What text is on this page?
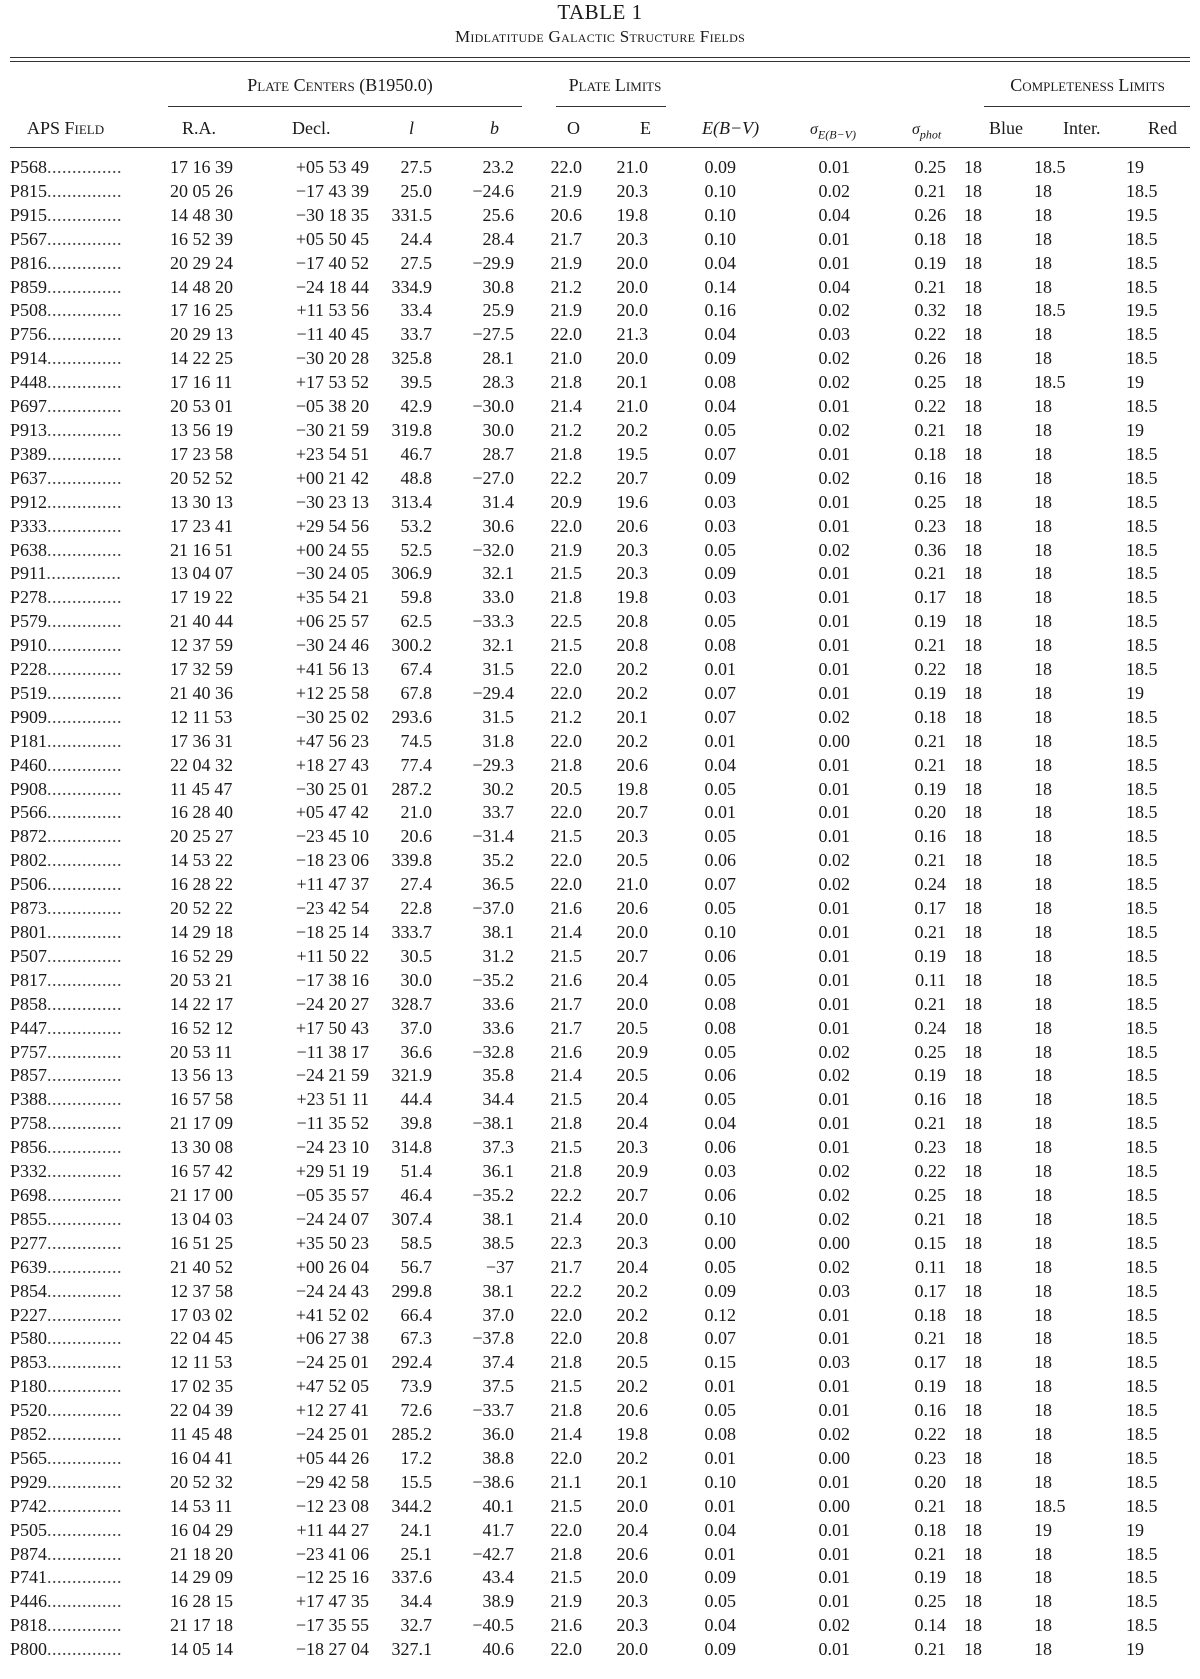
TABLE 1
Midlatitude Galactic Structure Fields
Plate Centers (B1950.0)	Plate Limits	Completeness Limits
APS Field	R.A.	Decl.	l	b	O	E	E(B−V)	$\sigma_{E(B-V)}$	$\sigma_{phot}$	Blue Inter.	Red
P568...............	17 16 39	+05 53 49	27.5	23.2	22.0	21.0	0.09	0.01	0.25	18	18.5	19
P815...............	20 05 26	−17 43 39	25.0	−24.6	21.9	20.3	0.10	0.02	0.21	18	18	18.5
P915...............	14 48 30	−30 18 35	331.5	25.6	20.6	19.8	0.10	0.04	0.26	18	18	19.5
P567...............	16 52 39	+05 50 45	24.4	28.4	21.7	20.3	0.10	0.01	0.18	18	18	18.5
P816...............	20 29 24	−17 40 52	27.5	−29.9	21.9	20.0	0.04	0.01	0.19	18	18	18.5
P859...............	14 48 20	−24 18 44	334.9	30.8	21.2	20.0	0.14	0.04	0.21	18	18	18.5
P508...............	17 16 25	+11 53 56	33.4	25.9	21.9	20.0	0.16	0.02	0.32	18	18.5	19.5
P756...............	20 29 13	−11 40 45	33.7	−27.5	22.0	21.3	0.04	0.03	0.22	18	18	18.5
P914...............	14 22 25	−30 20 28	325.8	28.1	21.0	20.0	0.09	0.02	0.26	18	18	18.5
P448...............	17 16 11	+17 53 52	39.5	28.3	21.8	20.1	0.08	0.02	0.25	18	18.5	19
P697...............	20 53 01	−05 38 20	42.9	−30.0	21.4	21.0	0.04	0.01	0.22	18	18	18.5
P913...............	13 56 19	−30 21 59	319.8	30.0	21.2	20.2	0.05	0.02	0.21	18	18	19
P389...............	17 23 58	+23 54 51	46.7	28.7	21.8	19.5	0.07	0.01	0.18	18	18	18.5
P637...............	20 52 52	+00 21 42	48.8	−27.0	22.2	20.7	0.09	0.02	0.16	18	18	18.5
P912...............	13 30 13	−30 23 13	313.4	31.4	20.9	19.6	0.03	0.01	0.25	18	18	18.5
P333...............	17 23 41	+29 54 56	53.2	30.6	22.0	20.6	0.03	0.01	0.23	18	18	18.5
P638...............	21 16 51	+00 24 55	52.5	−32.0	21.9	20.3	0.05	0.02	0.36	18	18	18.5
P911...............	13 04 07	−30 24 05	306.9	32.1	21.5	20.3	0.09	0.01	0.21	18	18	18.5
P278...............	17 19 22	+35 54 21	59.8	33.0	21.8	19.8	0.03	0.01	0.17	18	18	18.5
P579...............	21 40 44	+06 25 57	62.5	−33.3	22.5	20.8	0.05	0.01	0.19	18	18	18.5
P910...............	12 37 59	−30 24 46	300.2	32.1	21.5	20.8	0.08	0.01	0.21	18	18	18.5
P228...............	17 32 59	+41 56 13	67.4	31.5	22.0	20.2	0.01	0.01	0.22	18	18	18.5
P519...............	21 40 36	+12 25 58	67.8	−29.4	22.0	20.2	0.07	0.01	0.19	18	18	19
P909...............	12 11 53	−30 25 02	293.6	31.5	21.2	20.1	0.07	0.02	0.18	18	18	18.5
P181...............	17 36 31	+47 56 23	74.5	31.8	22.0	20.2	0.01	0.00	0.21	18	18	18.5
P460...............	22 04 32	+18 27 43	77.4	−29.3	21.8	20.6	0.04	0.01	0.21	18	18	18.5
P908...............	11 45 47	−30 25 01	287.2	30.2	20.5	19.8	0.05	0.01	0.19	18	18	18.5
P566...............	16 28 40	+05 47 42	21.0	33.7	22.0	20.7	0.01	0.01	0.20	18	18	18.5
P872...............	20 25 27	−23 45 10	20.6	−31.4	21.5	20.3	0.05	0.01	0.16	18	18	18.5
P802...............	14 53 22	−18 23 06	339.8	35.2	22.0	20.5	0.06	0.02	0.21	18	18	18.5
P506...............	16 28 22	+11 47 37	27.4	36.5	22.0	21.0	0.07	0.02	0.24	18	18	18.5
P873...............	20 52 22	−23 42 54	22.8	−37.0	21.6	20.6	0.05	0.01	0.17	18	18	18.5
P801...............	14 29 18	−18 25 14	333.7	38.1	21.4	20.0	0.10	0.01	0.21	18	18	18.5
P507...............	16 52 29	+11 50 22	30.5	31.2	21.5	20.7	0.06	0.01	0.19	18	18	18.5
P817...............	20 53 21	−17 38 16	30.0	−35.2	21.6	20.4	0.05	0.01	0.11	18	18	18.5
P858...............	14 22 17	−24 20 27	328.7	33.6	21.7	20.0	0.08	0.01	0.21	18	18	18.5
P447...............	16 52 12	+17 50 43	37.0	33.6	21.7	20.5	0.08	0.01	0.24	18	18	18.5
P757...............	20 53 11	−11 38 17	36.6	−32.8	21.6	20.9	0.05	0.02	0.25	18	18	18.5
P857...............	13 56 13	−24 21 59	321.9	35.8	21.4	20.5	0.06	0.02	0.19	18	18	18.5
P388...............	16 57 58	+23 51 11	44.4	34.4	21.5	20.4	0.05	0.01	0.16	18	18	18.5
P758...............	21 17 09	−11 35 52	39.8	−38.1	21.8	20.4	0.04	0.01	0.21	18	18	18.5
P856...............	13 30 08	−24 23 10	314.8	37.3	21.5	20.3	0.06	0.01	0.23	18	18	18.5
P332...............	16 57 42	+29 51 19	51.4	36.1	21.8	20.9	0.03	0.02	0.22	18	18	18.5
P698...............	21 17 00	−05 35 57	46.4	−35.2	22.2	20.7	0.06	0.02	0.25	18	18	18.5
P855...............	13 04 03	−24 24 07	307.4	38.1	21.4	20.0	0.10	0.02	0.21	18	18	18.5
P277...............	16 51 25	+35 50 23	58.5	38.5	22.3	20.3	0.00	0.00	0.15	18	18	18.5
P639...............	21 40 52	+00 26 04	56.7	−37	21.7	20.4	0.05	0.02	0.11	18	18	18.5
P854...............	12 37 58	−24 24 43	299.8	38.1	22.2	20.2	0.09	0.03	0.17	18	18	18.5
P227...............	17 03 02	+41 52 02	66.4	37.0	22.0	20.2	0.12	0.01	0.18	18	18	18.5
P580...............	22 04 45	+06 27 38	67.3	−37.8	22.0	20.8	0.07	0.01	0.21	18	18	18.5
P853...............	12 11 53	−24 25 01	292.4	37.4	21.8	20.5	0.15	0.03	0.17	18	18	18.5
P180...............	17 02 35	+47 52 05	73.9	37.5	21.5	20.2	0.01	0.01	0.19	18	18	18.5
P520...............	22 04 39	+12 27 41	72.6	−33.7	21.8	20.6	0.05	0.01	0.16	18	18	18.5
P852...............	11 45 48	−24 25 01	285.2	36.0	21.4	19.8	0.08	0.02	0.22	18	18	18.5
P565...............	16 04 41	+05 44 26	17.2	38.8	22.0	20.2	0.01	0.00	0.23	18	18	18.5
P929...............	20 52 32	−29 42 58	15.5	−38.6	21.1	20.1	0.10	0.01	0.20	18	18	18.5
P742...............	14 53 11	−12 23 08	344.2	40.1	21.5	20.0	0.01	0.00	0.21	18	18.5	18.5
P505...............	16 04 29	+11 44 27	24.1	41.7	22.0	20.4	0.04	0.01	0.18	18	19	19
P874...............	21 18 20	−23 41 06	25.1	−42.7	21.8	20.6	0.01	0.01	0.21	18	18	18.5
P741...............	14 29 09	−12 25 16	337.6	43.4	21.5	20.0	0.09	0.01	0.19	18	18	18.5
P446...............	16 28 15	+17 47 35	34.4	38.9	21.9	20.3	0.05	0.01	0.25	18	18	18.5
P818...............	21 17 18	−17 35 55	32.7	−40.5	21.6	20.3	0.04	0.02	0.14	18	18	18.5
P800...............	14 05 14	−18 27 04	327.1	40.6	22.0	20.0	0.09	0.01	0.21	18	18	19
